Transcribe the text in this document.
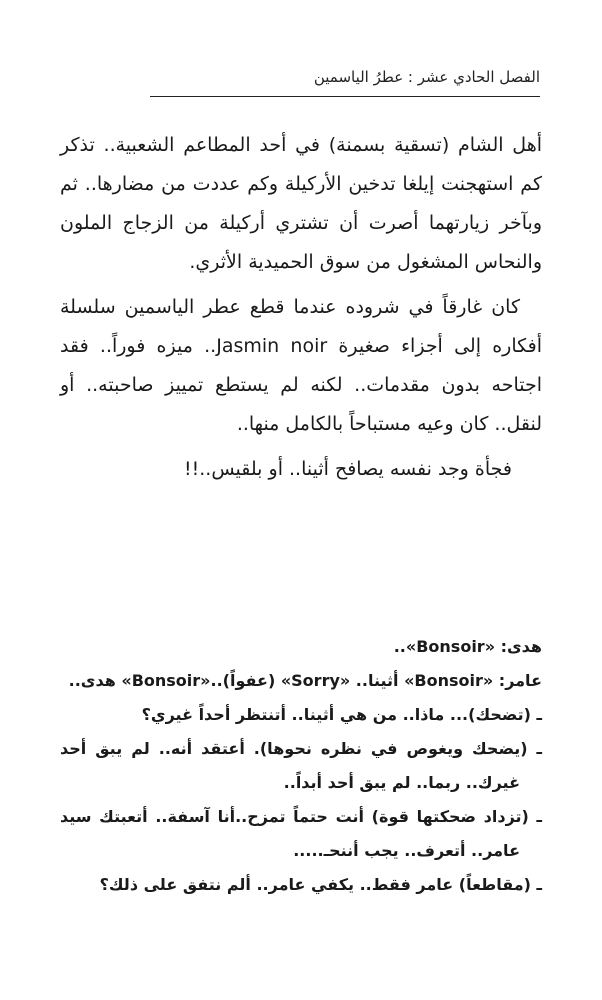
الفصل الحادي عشر : عطرُ الياسمين

أهل الشام (تسقية بسمنة) في أحد المطاعم الشعبية.. تذكر كم استهجنت إيلغا تدخين الأركيلة وكم عددت من مضارها.. ثم وبآخر زيارتهما أصرت أن تشتري أركيلة من الزجاج الملون والنحاس المشغول من سوق الحميدية الأثري.

كان غارقاً في شروده عندما قطع عطر الياسمين سلسلة أفكاره إلى أجزاء صغيرة Jasmin noir.. ميزه فوراً.. فقد اجتاحه بدون مقدمات.. لكنه لم يستطع تمييز صاحبته.. أو لنقل.. كان وعيه مستباحاً بالكامل منها..

فجأة وجد نفسه يصافح أثينا.. أو بلقيس..!!

هدى: «Bonsoir»..

عامر: «Bonsoir» أثينا.. «Sorry» (عفواً)..«Bonsoir» هدى..

ـ (تضحك)... ماذا.. من هي أثينا.. أتنتظر أحداً غيري؟

ـ (يضحك ويغوص في نظره نحوها). أعتقد أنه.. لم يبق أحد غيرك.. ربما.. لم يبق أحد أبداً..

ـ (تزداد ضحكتها قوة) أنت حتماً تمزح..أنا آسفة.. أتعبتك سيد عامر.. أتعرف.. يجب أننحـ.....

ـ (مقاطعاً) عامر فقط.. يكفي عامر.. ألم نتفق على ذلك؟
